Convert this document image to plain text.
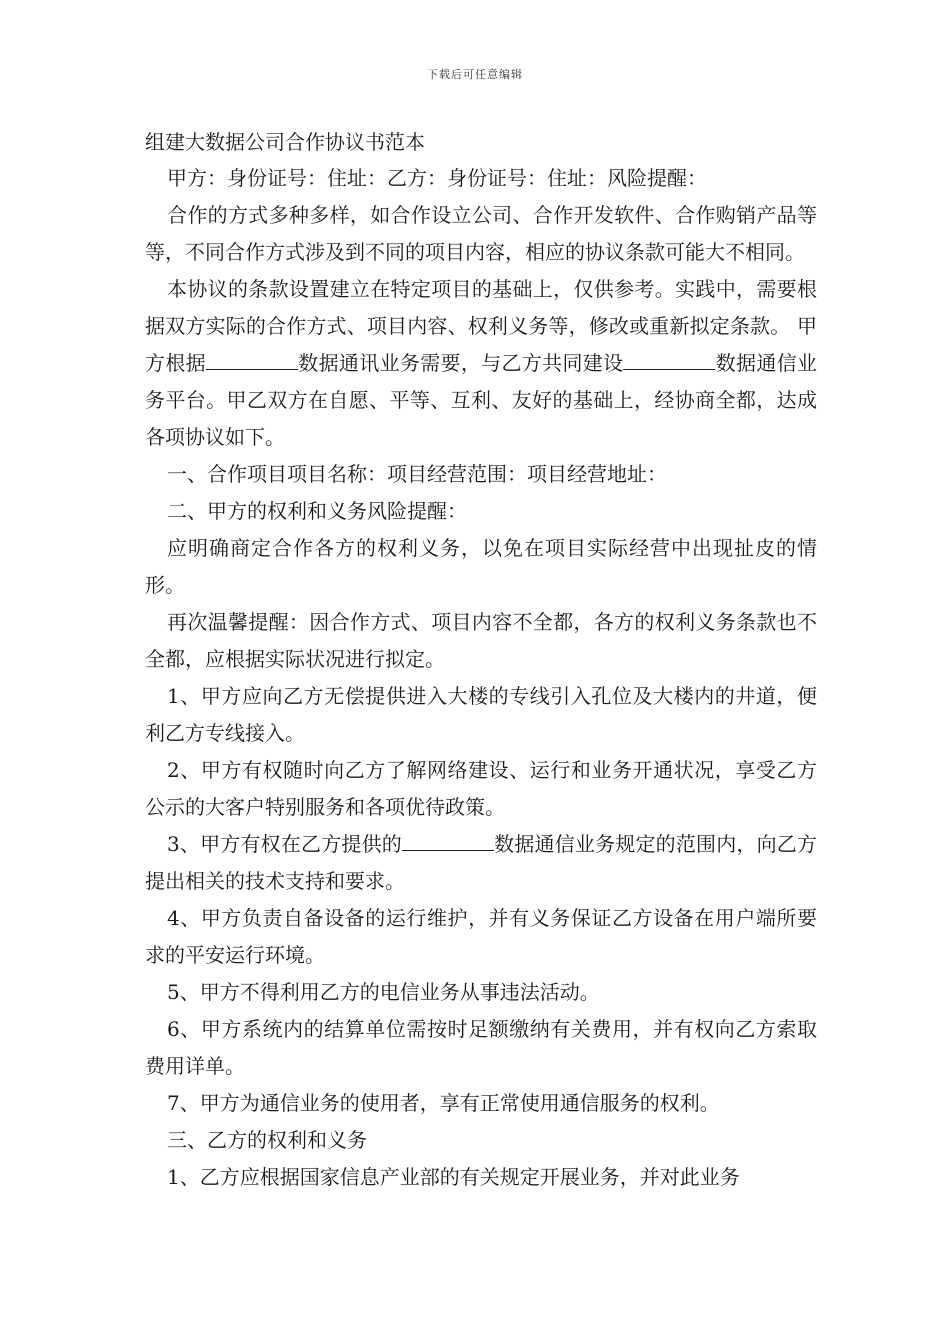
下载后可任意编辑

组建大数据公司合作协议书范本

甲方：身份证号：住址：乙方：身份证号：住址：风险提醒：

合作的方式多种多样，如合作设立公司、合作开发软件、合作购销产品等等，不同合作方式涉及到不同的项目内容，相应的协议条款可能大不相同。

本协议的条款设置建立在特定项目的基础上，仅供参考。实践中，需要根据双方实际的合作方式、项目内容、权利义务等，修改或重新拟定条款。 甲方根据	数据通讯业务需要，与乙方共同建设	数据通信业务平台。甲乙双方在自愿、平等、互利、友好的基础上，经协商全都，达成各项协议如下。

一、合作项目项目名称：项目经营范围：项目经营地址：

二、甲方的权利和义务风险提醒：

应明确商定合作各方的权利义务，以免在项目实际经营中出现扯皮的情形。

再次温馨提醒：因合作方式、项目内容不全都，各方的权利义务条款也不全都，应根据实际状况进行拟定。

1、甲方应向乙方无偿提供进入大楼的专线引入孔位及大楼内的井道，便利乙方专线接入。

2、甲方有权随时向乙方了解网络建设、运行和业务开通状况，享受乙方公示的大客户特别服务和各项优待政策。

3、甲方有权在乙方提供的	数据通信业务规定的范围内，向乙方提出相关的技术支持和要求。

4、甲方负责自备设备的运行维护，并有义务保证乙方设备在用户端所要求的平安运行环境。

5、甲方不得利用乙方的电信业务从事违法活动。

6、甲方系统内的结算单位需按时足额缴纳有关费用，并有权向乙方索取费用详单。

7、甲方为通信业务的使用者，享有正常使用通信服务的权利。

三、乙方的权利和义务

1、乙方应根据国家信息产业部的有关规定开展业务，并对此业务
